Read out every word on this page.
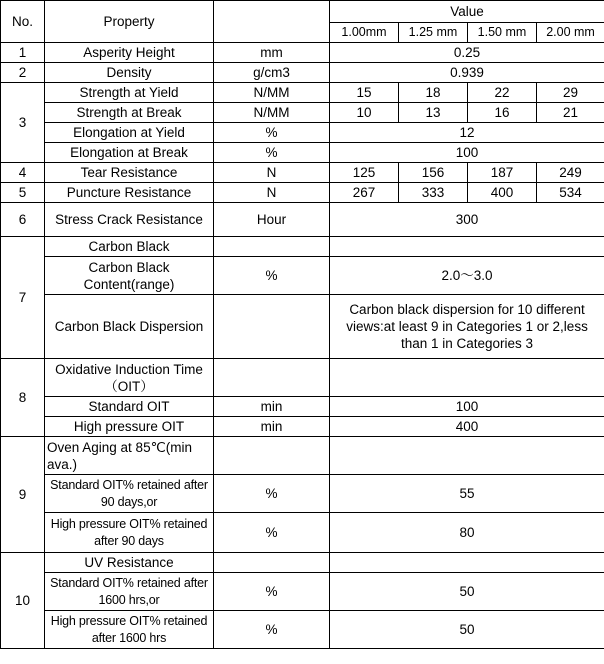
No.	Property		Value			
			1.00mm	1.25 mm	1.50 mm	2.00 mm
1	Asperity Height	mm	0.25			
2	Density	g/cm3	0.939			
3	Strength at Yield	N/MM	15	18	22	29
	Strength at Break	N/MM	10	13	16	21
	Elongation at Yield	%	12			
	Elongation at Break	%	100			
4	Tear Resistance	N	125	156	187	249
5	Puncture Resistance	N	267	333	400	534
6	Stress Crack Resistance	Hour	300			
7	Carbon Black					
	Carbon Black Content(range)	%	2.0～3.0			
	Carbon Black Dispersion		Carbon black dispersion for 10 different views:at least 9 in Categories 1 or 2,less than 1 in Categories 3			
8	Oxidative Induction Time（OIT）					
	Standard OIT	min	100			
	High pressure OIT	min	400			
9	Oven Aging at 85℃(min ava.)					
	Standard OIT% retained after 90 days,or	%	55			
	High pressure OIT% retained after 90 days	%	80			
10	UV Resistance					
	Standard OIT% retained after 1600 hrs,or	%	50			
	High pressure OIT% retained after 1600 hrs	%	50			
